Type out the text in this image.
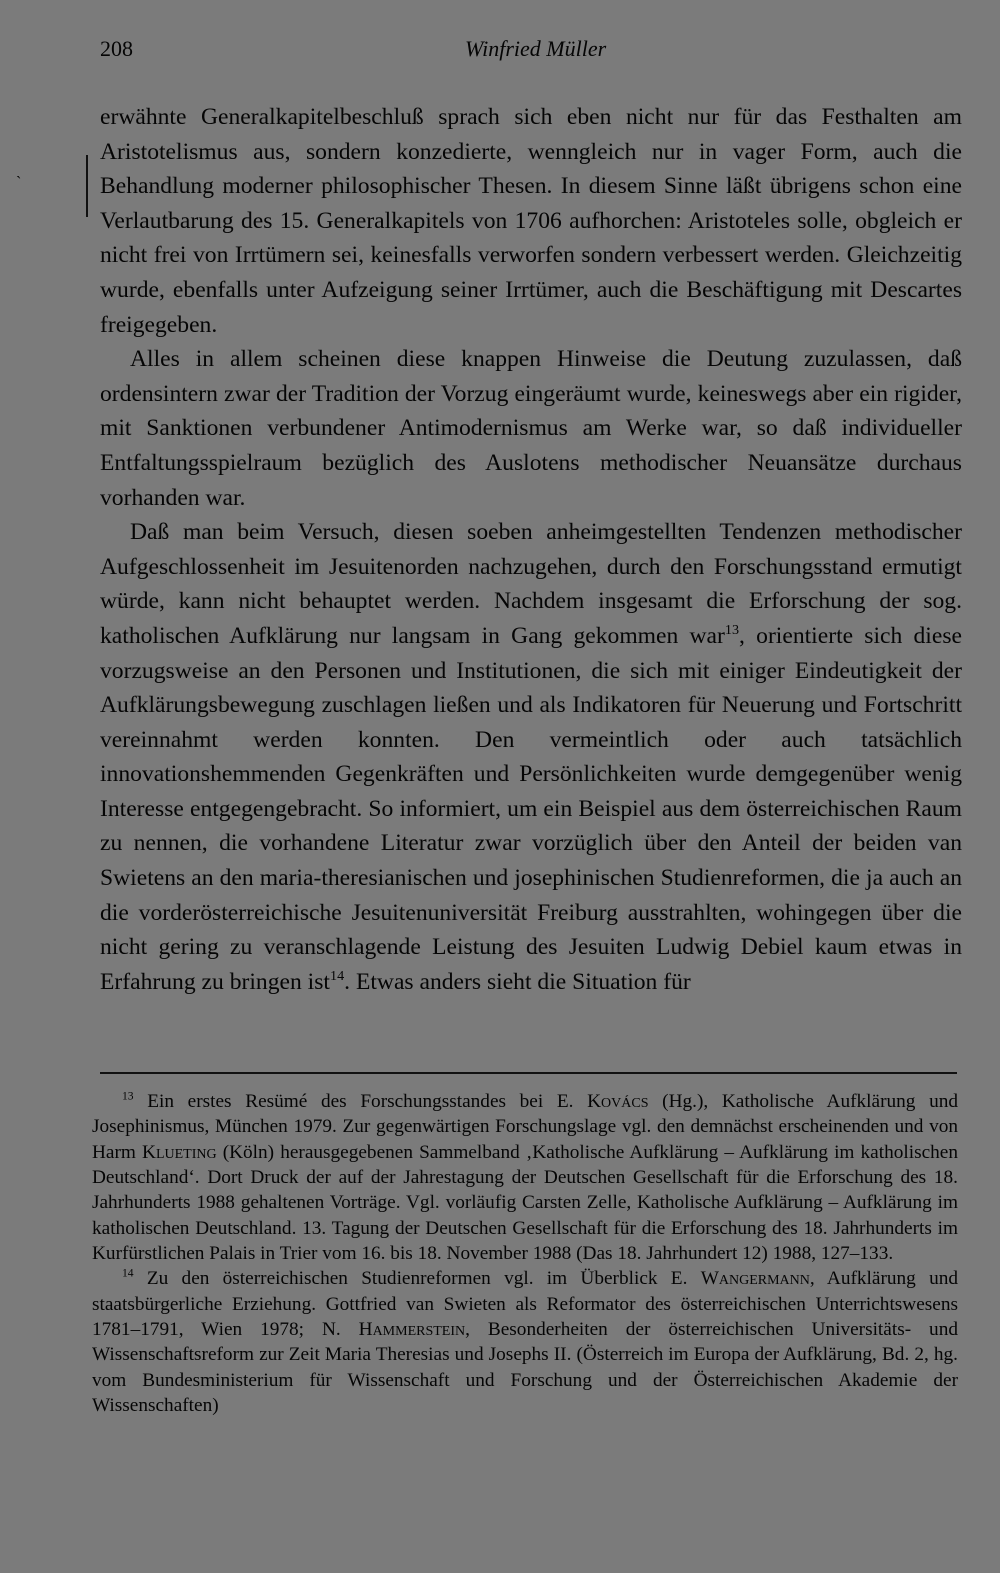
208	Winfried Müller
`

erwähnte Generalkapitelbeschluß sprach sich eben nicht nur für das Festhalten am Aristotelismus aus, sondern konzedierte, wenngleich nur in vager Form, auch die Behandlung moderner philosophischer Thesen. In diesem Sinne läßt übrigens schon eine Verlautbarung des 15. Generalkapitels von 1706 aufhorchen: Aristoteles solle, obgleich er nicht frei von Irrtümern sei, keinesfalls verworfen sondern verbessert werden. Gleichzeitig wurde, ebenfalls unter Aufzeigung seiner Irrtümer, auch die Beschäftigung mit Descartes freigegeben.

Alles in allem scheinen diese knappen Hinweise die Deutung zuzulassen, daß ordensintern zwar der Tradition der Vorzug eingeräumt wurde, keineswegs aber ein rigider, mit Sanktionen verbundener Antimodernismus am Werke war, so daß individueller Entfaltungsspielraum bezüglich des Auslotens methodischer Neuansätze durchaus vorhanden war.

Daß man beim Versuch, diesen soeben anheimgestellten Tendenzen methodischer Aufgeschlossenheit im Jesuitenorden nachzugehen, durch den Forschungsstand ermutigt würde, kann nicht behauptet werden. Nachdem insgesamt die Erforschung der sog. katholischen Aufklärung nur langsam in Gang gekommen war$^{13}$, orientierte sich diese vorzugsweise an den Personen und Institutionen, die sich mit einiger Eindeutigkeit der Aufklärungsbewegung zuschlagen ließen und als Indikatoren für Neuerung und Fortschritt vereinnahmt werden konnten. Den vermeintlich oder auch tatsächlich innovationshemmenden Gegenkräften und Persönlichkeiten wurde demgegenüber wenig Interesse entgegengebracht. So informiert, um ein Beispiel aus dem österreichischen Raum zu nennen, die vorhandene Literatur zwar vorzüglich über den Anteil der beiden van Swietens an den maria-theresianischen und josephinischen Studienreformen, die ja auch an die vorderösterreichische Jesuitenuniversität Freiburg ausstrahlten, wohingegen über die nicht gering zu veranschlagende Leistung des Jesuiten Ludwig Debiel kaum etwas in Erfahrung zu bringen ist$^{14}$. Etwas anders sieht die Situation für

$^{13}$ Ein erstes Resümé des Forschungsstandes bei E. Kovács (Hg.), Katholische Aufklärung und Josephinismus, München 1979. Zur gegenwärtigen Forschungslage vgl. den demnächst erscheinenden und von Harm Klueting (Köln) herausgegebenen Sammelband ‚Katholische Aufklärung – Aufklärung im katholischen Deutschland‘. Dort Druck der auf der Jahrestagung der Deutschen Gesellschaft für die Erforschung des 18. Jahrhunderts 1988 gehaltenen Vorträge. Vgl. vorläufig Carsten Zelle, Katholische Aufklärung – Aufklärung im katholischen Deutschland. 13. Tagung der Deutschen Gesellschaft für die Erforschung des 18. Jahrhunderts im Kurfürstlichen Palais in Trier vom 16. bis 18. November 1988 (Das 18. Jahrhundert 12) 1988, 127–133.

$^{14}$ Zu den österreichischen Studienreformen vgl. im Überblick E. Wangermann, Aufklärung und staatsbürgerliche Erziehung. Gottfried van Swieten als Reformator des österreichischen Unterrichtswesens 1781–1791, Wien 1978; N. Hammerstein, Besonderheiten der österreichischen Universitäts- und Wissenschaftsreform zur Zeit Maria Theresias und Josephs II. (Österreich im Europa der Aufklärung, Bd. 2, hg. vom Bundesministerium für Wissenschaft und Forschung und der Österreichischen Akademie der Wissenschaften)
